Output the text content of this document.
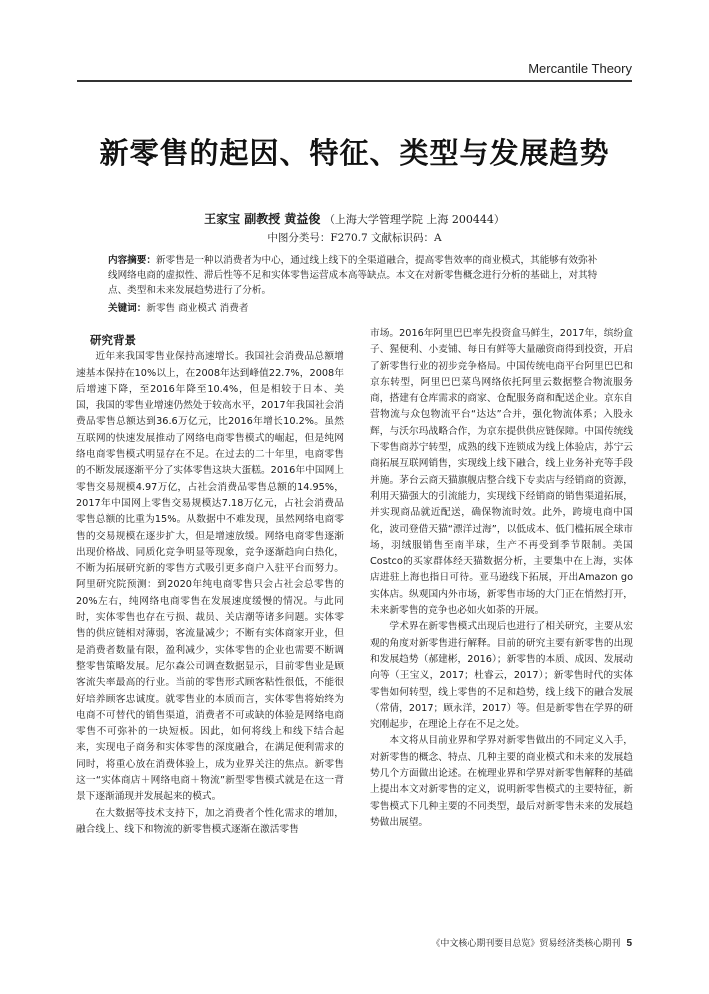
Mercantile Theory
新零售的起因、特征、类型与发展趋势
王家宝 副教授 黄益俊 （上海大学管理学院 上海 200444）
中图分类号：F270.7 文献标识码：A
内容摘要：新零售是一种以消费者为中心，通过线上线下的全渠道融合，提高零售效率的商业模式，其能够有效弥补线网络电商的虚拟性、滞后性等不足和实体零售运营成本高等缺点。本文在对新零售概念进行分析的基础上，对其特点、类型和未来发展趋势进行了分析。
关键词：新零售 商业模式 消费者
研究背景

近年来我国零售业保持高速增长。我国社会消费品总额增速基本保持在10%以上，在2008年达到峰值22.7%，2008年后增速下降，至2016年降至10.4%，但是相较于日本、美国，我国的零售业增速仍然处于较高水平，2017年我国社会消费品零售总额达到36.6万亿元，比2016年增长10.2%。虽然互联网的快速发展推动了网络电商零售模式的崛起，但是纯网络电商零售模式明显存在不足。在过去的二十年里，电商零售的不断发展逐渐平分了实体零售这块大蛋糕。2016年中国网上零售交易规模4.97万亿，占社会消费品零售总额的14.95%，2017年中国网上零售交易规模达7.18万亿元，占社会消费品零售总额的比重为15%。从数据中不难发现，虽然网络电商零售的交易规模在逐步扩大，但是增速放缓。网络电商零售逐渐出现价格战、同质化竞争明显等现象，竞争逐渐趋向白热化，不断为拓展研究新的零售方式吸引更多商户入驻平台而努力。阿里研究院预测：到2020年纯电商零售只会占社会总零售的20%左右，纯网络电商零售在发展速度缓慢的情况。与此同时，实体零售也存在亏损、裁员、关店潮等诸多问题。实体零售的供应链相对薄弱，客流量减少；不断有实体商家开业，但是消费者数量有限，盈利减少，实体零售的企业也需要不断调整零售策略发展。尼尔森公司调查数据显示，目前零售业是顾客流失率最高的行业。当前的零售形式顾客粘性很低，不能很好培养顾客忠诚度。就零售业的本质而言，实体零售将始终为电商不可替代的销售渠道，消费者不可或缺的体验是网络电商零售不可弥补的一块短板。因此，如何将线上和线下结合起来，实现电子商务和实体零售的深度融合，在满足便利需求的同时，将重心放在消费体验上，成为业界关注的焦点。新零售这一“实体商店＋网络电商＋物流”新型零售模式就是在这一背景下逐渐涌现并发展起来的模式。

在大数据等技术支持下，加之消费者个性化需求的增加，融合线上、线下和物流的新零售模式逐渐在激活零售

市场。2016年阿里巴巴率先投资盒马鲜生，2017年，缤纷盒子、猩便利、小麦铺、每日有鲜等大量融资商得到投资，开启了新零售行业的初步竞争格局。中国传统电商平台阿里巴巴和京东转型，阿里巴巴菜鸟网络依托阿里云数据整合物流服务商，搭建有仓库需求的商家、仓配服务商和配送企业。京东自营物流与众包物流平台“达达”合并，强化物流体系；入股永辉，与沃尔玛战略合作，为京东提供供应链保障。中国传统线下零售商苏宁转型，成熟的线下连锁成为线上体验店，苏宁云商拓展互联网销售，实现线上线下融合，线上业务补充等手段并施。茅台云商天猫旗舰店整合线下专卖店与经销商的资源，利用天猫强大的引流能力，实现线下经销商的销售渠道拓展，并实现商品就近配送，确保物流时效。此外，跨境电商中国化，波司登借天猫“漂洋过海”，以低成本、低门槛拓展全球市场，羽绒服销售至南半球，生产不再受到季节限制。美国Costco的买家群体经天猫数据分析，主要集中在上海，实体店进驻上海也指日可待。亚马逊线下拓展，开出Amazon go实体店。纵观国内外市场，新零售市场的大门正在悄然打开，未来新零售的竞争也必如火如荼的开展。

学术界在新零售模式出现后也进行了相关研究，主要从宏观的角度对新零售进行解释。目前的研究主要有新零售的出现和发展趋势（郝建彬，2016）；新零售的本质、成因、发展动向等（王宝义，2017；杜睿云，2017）；新零售时代的实体零售如何转型，线上零售的不足和趋势，线上线下的融合发展（常倩，2017；顾永洋，2017）等。但是新零售在学界的研究刚起步，在理论上存在不足之处。

本文将从目前业界和学界对新零售做出的不同定义入手，对新零售的概念、特点、几种主要的商业模式和未来的发展趋势几个方面做出论述。在梳理业界和学界对新零售解释的基础上提出本文对新零售的定义，说明新零售模式的主要特征，新零售模式下几种主要的不同类型，最后对新零售未来的发展趋势做出展望。

《中文核心期刊要目总览》贸易经济类核心期刊 5
